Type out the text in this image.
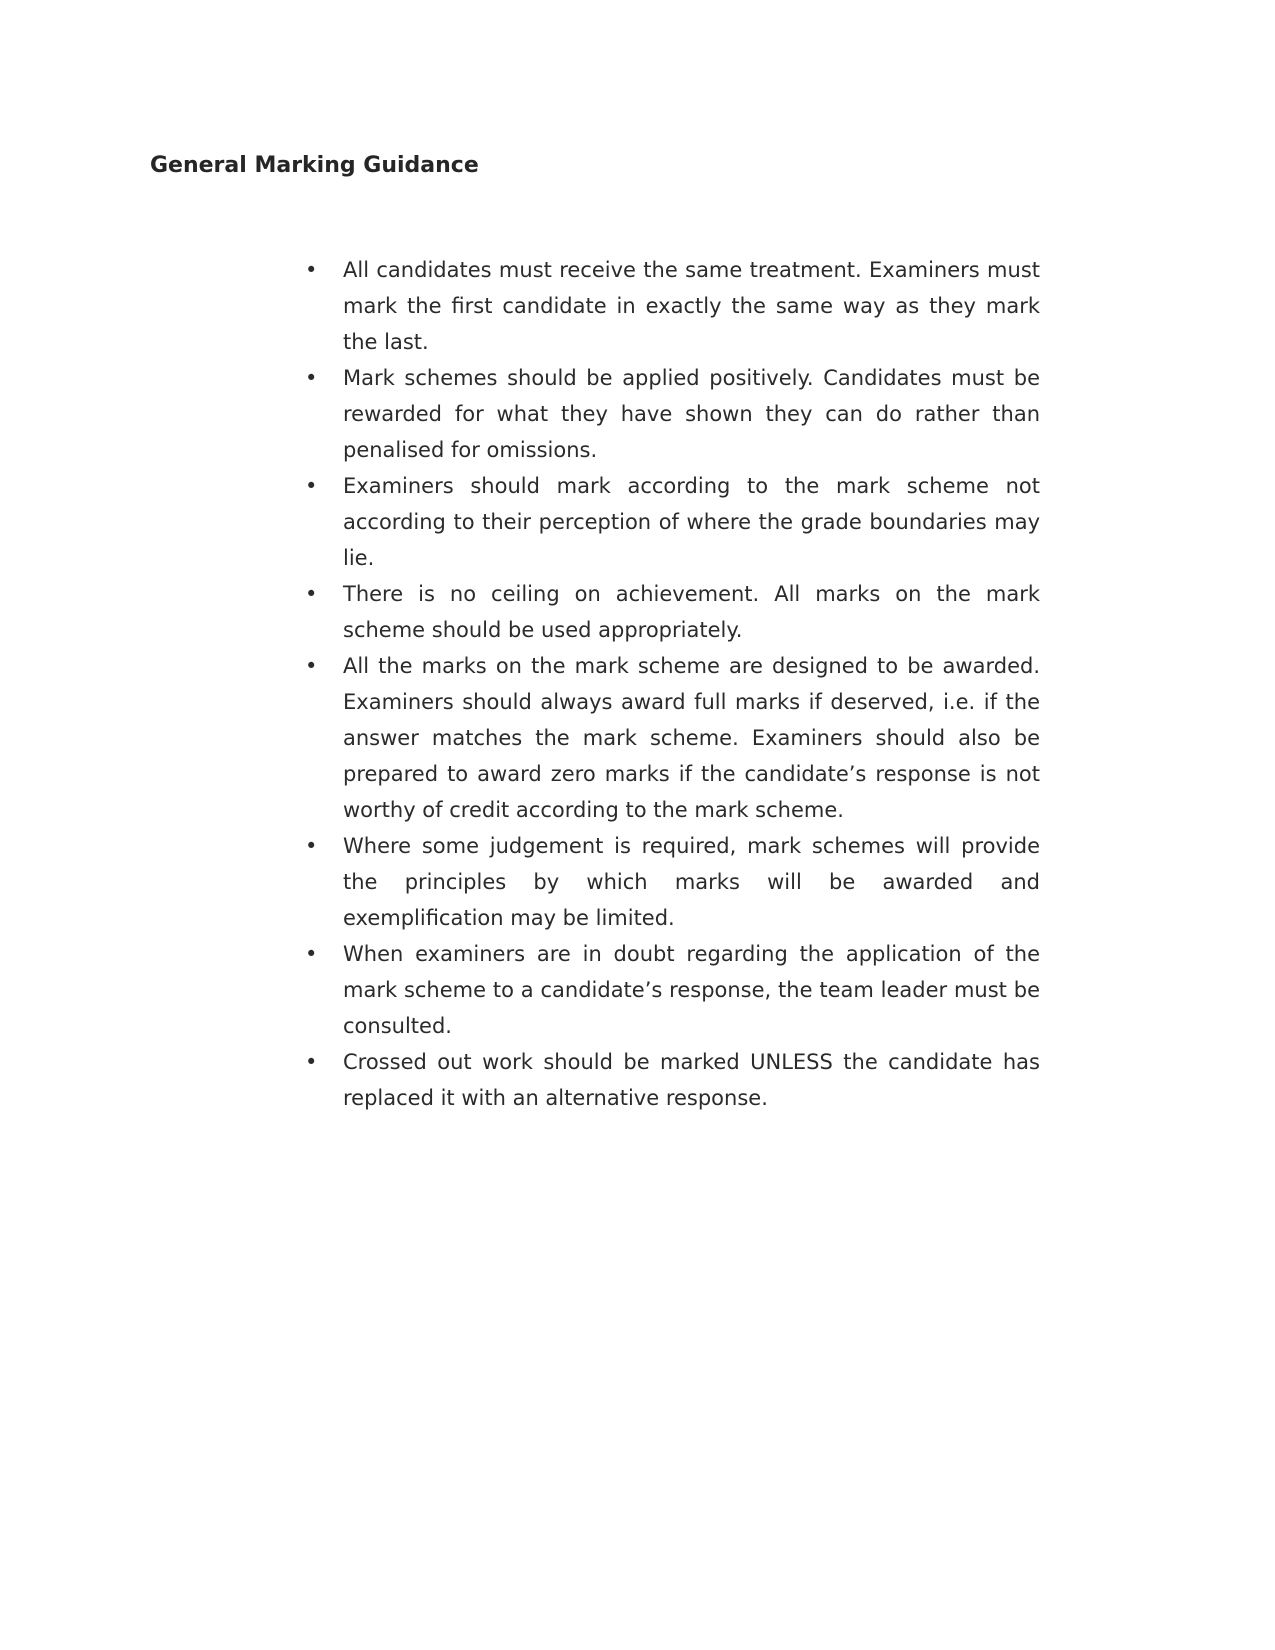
General Marking Guidance
•	All candidates must receive the same treatment. Examiners must mark the first candidate in exactly the same way as they mark the last.
•	Mark schemes should be applied positively. Candidates must be rewarded for what they have shown they can do rather than penalised for omissions.
•	Examiners should mark according to the mark scheme not according to their perception of where the grade boundaries may lie.
•	There is no ceiling on achievement. All marks on the mark scheme should be used appropriately.
•	All the marks on the mark scheme are designed to be awarded. Examiners should always award full marks if deserved, i.e. if the answer matches the mark scheme. Examiners should also be prepared to award zero marks if the candidate’s response is not worthy of credit according to the mark scheme.
•	Where some judgement is required, mark schemes will provide the principles by which marks will be awarded and exemplification may be limited.
•	When examiners are in doubt regarding the application of the mark scheme to a candidate’s response, the team leader must be consulted.
•	Crossed out work should be marked UNLESS the candidate has replaced it with an alternative response.
